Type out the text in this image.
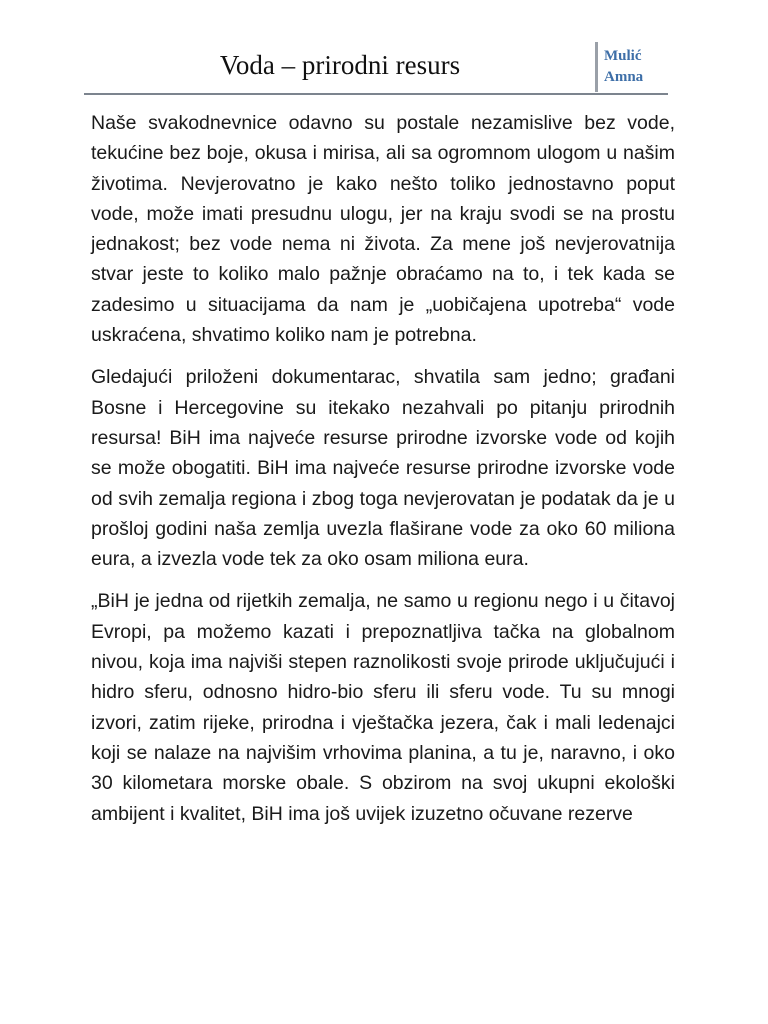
Voda – prirodni resurs	Mulić
Amna

Naše svakodnevnice odavno su postale nezamislive bez vode, tekućine bez boje, okusa i mirisa, ali sa ogromnom ulogom u našim životima. Nevjerovatno je kako nešto toliko jednostavno poput vode, može imati presudnu ulogu, jer na kraju svodi se na prostu jednakost; bez vode nema ni života. Za mene još nevjerovatnija stvar jeste to koliko malo pažnje obraćamo na to, i tek kada se zadesimo u situacijama da nam je „uobičajena upotreba“ vode uskraćena, shvatimo koliko nam je potrebna.

Gledajući priloženi dokumentarac, shvatila sam jedno; građani Bosne i Hercegovine su itekako nezahvali po pitanju prirodnih resursa! BiH ima najveće resurse prirodne izvorske vode od kojih se može obogatiti. BiH ima najveće resurse prirodne izvorske vode od svih zemalja regiona i zbog toga nevjerovatan je podatak da je u prošloj godini naša zemlja uvezla flaširane vode za oko 60 miliona eura, a izvezla vode tek za oko osam miliona eura.

„BiH je jedna od rijetkih zemalja, ne samo u regionu nego i u čitavoj Evropi, pa možemo kazati i prepoznatljiva tačka na globalnom nivou, koja ima najviši stepen raznolikosti svoje prirode uključujući i hidro sferu, odnosno hidro-bio sferu ili sferu vode. Tu su mnogi izvori, zatim rijeke, prirodna i vještačka jezera, čak i mali ledenajci koji se nalaze na najvišim vrhovima planina, a tu je, naravno, i oko 30 kilometara morske obale. S obzirom na svoj ukupni ekološki ambijent i kvalitet, BiH ima još uvijek izuzetno očuvane rezerve
